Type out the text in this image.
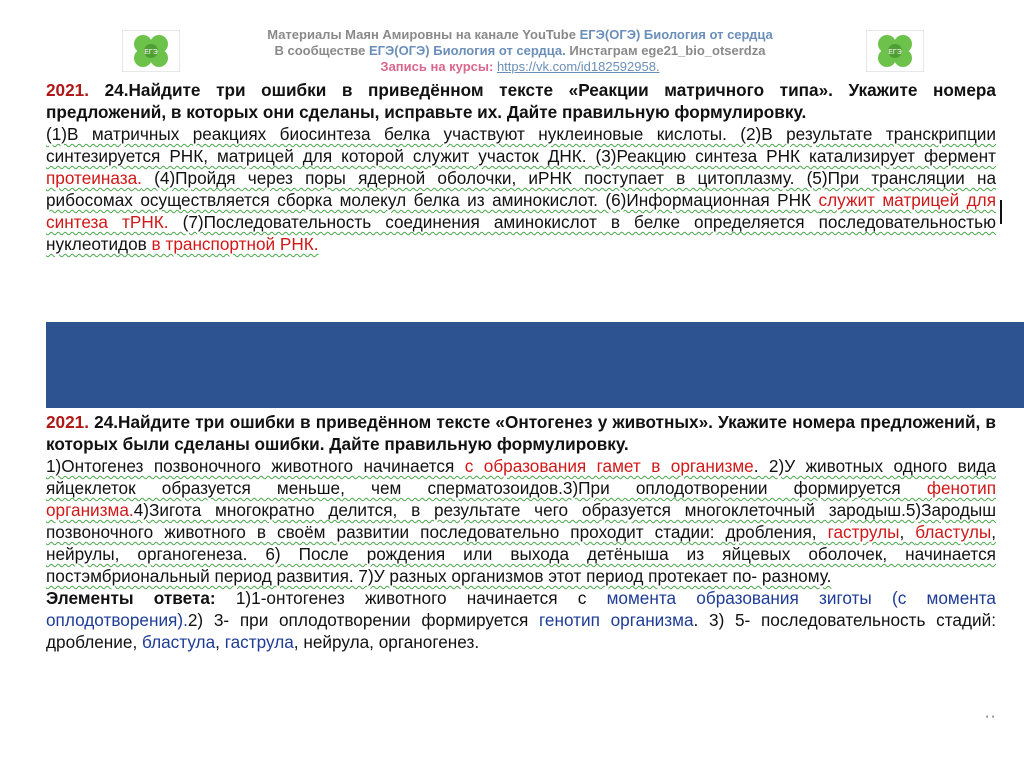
ЕГЭ	ЕГЭ
Материалы Маян Амировны на канале YouTube ЕГЭ(ОГЭ) Биология от сердца
В сообществе ЕГЭ(ОГЭ) Биология от сердца. Инстаграм ege21_bio_otserdza
Запись на курсы: https://vk.com/id182592958.
2021. 24.Найдите три ошибки в приведённом тексте «Реакции матричного типа». Укажите номера предложений, в которых они сделаны, исправьте их. Дайте правильную формулировку.
(1)В матричных реакциях биосинтеза белка участвуют нуклеиновые кислоты. (2)В результате транскрипции синтезируется РНК, матрицей для которой служит участок ДНК. (3)Реакцию синтеза РНК катализирует фермент протеиназа. (4)Пройдя через поры ядерной оболочки, иРНК поступает в цитоплазму. (5)При трансляции на рибосомах осуществляется сборка молекул белка из аминокислот. (6)Информационная РНК служит матрицей для синтеза тРНК. (7)Последовательность соединения аминокислот в белке определяется последовательностью нуклеотидов в транспортной РНК.
2021. 24.Найдите три ошибки в приведённом тексте «Онтогенез у животных». Укажите номера предложений, в которых были сделаны ошибки. Дайте правильную формулировку.
1)Онтогенез позвоночного животного начинается с образования гамет в организме. 2)У животных одного вида яйцеклеток образуется меньше, чем сперматозоидов.3)При оплодотворении формируется фенотип организма.4)Зигота многократно делится, в результате чего образуется многоклеточный зародыш.5)Зародыш позвоночного животного в своём развитии последовательно проходит стадии: дробления, гаструлы, бластулы, нейрулы, органогенеза. 6) После рождения или выхода детёныша из яйцевых оболочек, начинается постэмбриональный период развития. 7)У разных организмов этот период протекает по- разному.
Элементы ответа: 1)1-онтогенез животного начинается с момента образования зиготы (с момента оплодотворения).2) 3- при оплодотворении формируется генотип организма. 3) 5- последовательность стадий: дробление, бластула, гаструла, нейрула, органогенез.
' '
